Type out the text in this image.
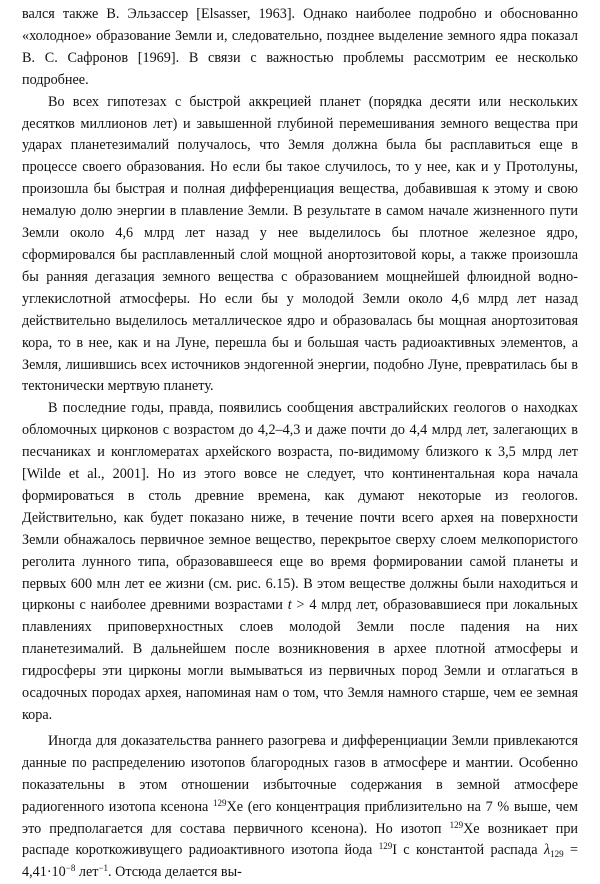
вался также В. Эльзассер [Elsasser, 1963]. Однако наиболее подробно и обоснованно «холодное» образование Земли и, следовательно, позднее выделение земного ядра показал В. С. Сафронов [1969]. В связи с важностью проблемы рассмотрим ее несколько подробнее.

Во всех гипотезах с быстрой аккрецией планет (порядка десяти или нескольких десятков миллионов лет) и завышенной глубиной перемешивания земного вещества при ударах планетезималий получалось, что Земля должна была бы расплавиться еще в процессе своего образования. Но если бы такое случилось, то у нее, как и у Протолуны, произошла бы быстрая и полная дифференциация вещества, добавившая к этому и свою немалую долю энергии в плавление Земли. В результате в самом начале жизненного пути Земли около 4,6 млрд лет назад у нее выделилось бы плотное железное ядро, сформировался бы расплавленный слой мощной анортозитовой коры, а также произошла бы ранняя дегазация земного вещества с образованием мощнейшей флюидной водно-углекислотной атмосферы. Но если бы у молодой Земли около 4,6 млрд лет назад действительно выделилось металлическое ядро и образовалась бы мощная анортозитовая кора, то в нее, как и на Луне, перешла бы и большая часть радиоактивных элементов, а Земля, лишившись всех источников эндогенной энергии, подобно Луне, превратилась бы в тектонически мертвую планету.

В последние годы, правда, появились сообщения австралийских геологов о находках обломочных цирконов с возрастом до 4,2–4,3 и даже почти до 4,4 млрд лет, залегающих в песчаниках и конгломератах архейского возраста, по-видимому близкого к 3,5 млрд лет [Wilde et al., 2001]. Но из этого вовсе не следует, что континентальная кора начала формироваться в столь древние времена, как думают некоторые из геологов. Действительно, как будет показано ниже, в течение почти всего архея на поверхности Земли обнажалось первичное земное вещество, перекрытое сверху слоем мелкопористого реголита лунного типа, образовавшееся еще во время формировании самой планеты и первых 600 млн лет ее жизни (см. рис. 6.15). В этом веществе должны были находиться и цирконы с наиболее древними возрастами t > 4 млрд лет, образовавшиеся при локальных плавлениях приповерхностных слоев молодой Земли после падения на них планетезималий. В дальнейшем после возникновения в архее плотной атмосферы и гидросферы эти цирконы могли вымываться из первичных пород Земли и отлагаться в осадочных породах архея, напоминая нам о том, что Земля намного старше, чем ее земная кора.

Иногда для доказательства раннего разогрева и дифференциации Земли привлекаются данные по распределению изотопов благородных газов в атмосфере и мантии. Особенно показательны в этом отношении избыточные содержания в земной атмосфере радиогенного изотопа ксенона $^{129}$Xe (его концентрация приблизительно на 7 % выше, чем это предполагается для состава первичного ксенона). Но изотоп $^{129}$Xe возникает при распаде короткоживущего радиоактивного изотопа йода $^{129}$I с константой распада $\lambda_{129} = 4,41\cdot 10^{-8}$ лет$^{-1}$. Отсюда делается вы-
